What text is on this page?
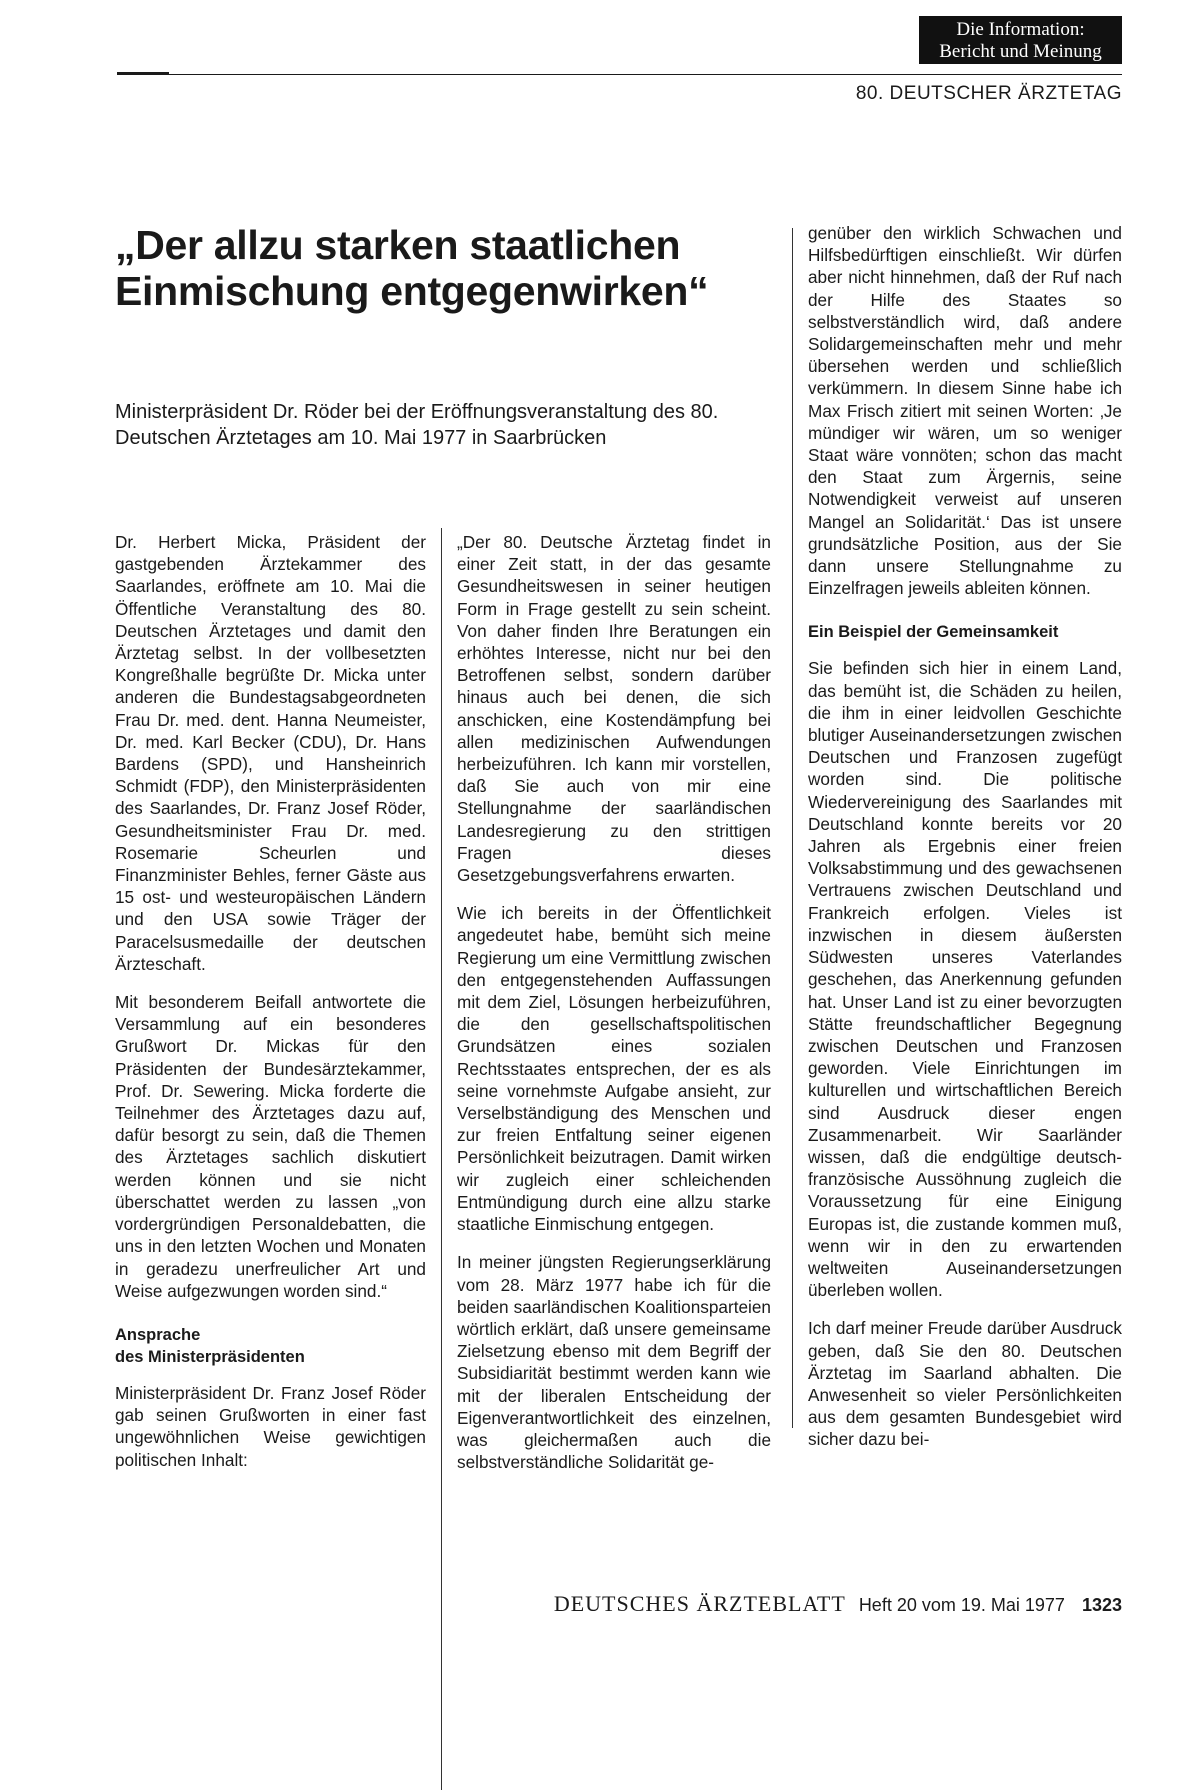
Die Information:
Bericht und Meinung
80. DEUTSCHER ÄRZTETAG
„Der allzu starken staatlichen Einmischung entgegenwirken“
Ministerpräsident Dr. Röder bei der Eröffnungsveranstaltung des 80. Deutschen Ärztetages am 10. Mai 1977 in Saarbrücken

Dr. Herbert Micka, Präsident der gastgebenden Ärztekammer des Saarlandes, eröffnete am 10. Mai die Öffentliche Veranstaltung des 80. Deutschen Ärztetages und damit den Ärztetag selbst. In der vollbesetzten Kongreßhalle begrüßte Dr. Micka unter anderen die Bundestagsabgeordneten Frau Dr. med. dent. Hanna Neumeister, Dr. med. Karl Becker (CDU), Dr. Hans Bardens (SPD), und Hansheinrich Schmidt (FDP), den Ministerpräsidenten des Saarlandes, Dr. Franz Josef Röder, Gesundheitsminister Frau Dr. med. Rosemarie Scheurlen und Finanzminister Behles, ferner Gäste aus 15 ost- und westeuropäischen Ländern und den USA sowie Träger der Paracelsusmedaille der deutschen Ärzteschaft.

Mit besonderem Beifall antwortete die Versammlung auf ein besonderes Grußwort Dr. Mickas für den Präsidenten der Bundesärztekammer, Prof. Dr. Sewering. Micka forderte die Teilnehmer des Ärztetages dazu auf, dafür besorgt zu sein, daß die Themen des Ärztetages sachlich diskutiert werden können und sie nicht überschattet werden zu lassen „von vordergründigen Personaldebatten, die uns in den letzten Wochen und Monaten in geradezu unerfreulicher Art und Weise aufgezwungen worden sind.“

Ansprache
des Ministerpräsidenten

Ministerpräsident Dr. Franz Josef Röder gab seinen Grußworten in einer fast ungewöhnlichen Weise gewichtigen politischen Inhalt:

„Der 80. Deutsche Ärztetag findet in einer Zeit statt, in der das gesamte Gesundheitswesen in seiner heutigen Form in Frage gestellt zu sein scheint. Von daher finden Ihre Beratungen ein erhöhtes Interesse, nicht nur bei den Betroffenen selbst, sondern darüber hinaus auch bei denen, die sich anschicken, eine Kostendämpfung bei allen medizinischen Aufwendungen herbeizuführen. Ich kann mir vorstellen, daß Sie auch von mir eine Stellungnahme der saarländischen Landesregierung zu den strittigen Fragen dieses Gesetzgebungsverfahrens erwarten.

Wie ich bereits in der Öffentlichkeit angedeutet habe, bemüht sich meine Regierung um eine Vermittlung zwischen den entgegenstehenden Auffassungen mit dem Ziel, Lösungen herbeizuführen, die den gesellschaftspolitischen Grundsätzen eines sozialen Rechtsstaates entsprechen, der es als seine vornehmste Aufgabe ansieht, zur Verselbständigung des Menschen und zur freien Entfaltung seiner eigenen Persönlichkeit beizutragen. Damit wirken wir zugleich einer schleichenden Entmündigung durch eine allzu starke staatliche Einmischung entgegen.

In meiner jüngsten Regierungserklärung vom 28. März 1977 habe ich für die beiden saarländischen Koalitionsparteien wörtlich erklärt, daß unsere gemeinsame Zielsetzung ebenso mit dem Begriff der Subsidiarität bestimmt werden kann wie mit der liberalen Entscheidung der Eigenverantwortlichkeit des einzelnen, was gleichermaßen auch die selbstverständliche Solidarität ge-

genüber den wirklich Schwachen und Hilfsbedürftigen einschließt. Wir dürfen aber nicht hinnehmen, daß der Ruf nach der Hilfe des Staates so selbstverständlich wird, daß andere Solidargemeinschaften mehr und mehr übersehen werden und schließlich verkümmern. In diesem Sinne habe ich Max Frisch zitiert mit seinen Worten: ‚Je mündiger wir wären, um so weniger Staat wäre vonnöten; schon das macht den Staat zum Ärgernis, seine Notwendigkeit verweist auf unseren Mangel an Solidarität.‘ Das ist unsere grundsätzliche Position, aus der Sie dann unsere Stellungnahme zu Einzelfragen jeweils ableiten können.

Ein Beispiel der Gemeinsamkeit

Sie befinden sich hier in einem Land, das bemüht ist, die Schäden zu heilen, die ihm in einer leidvollen Geschichte blutiger Auseinandersetzungen zwischen Deutschen und Franzosen zugefügt worden sind. Die politische Wiedervereinigung des Saarlandes mit Deutschland konnte bereits vor 20 Jahren als Ergebnis einer freien Volksabstimmung und des gewachsenen Vertrauens zwischen Deutschland und Frankreich erfolgen. Vieles ist inzwischen in diesem äußersten Südwesten unseres Vaterlandes geschehen, das Anerkennung gefunden hat. Unser Land ist zu einer bevorzugten Stätte freundschaftlicher Begegnung zwischen Deutschen und Franzosen geworden. Viele Einrichtungen im kulturellen und wirtschaftlichen Bereich sind Ausdruck dieser engen Zusammenarbeit. Wir Saarländer wissen, daß die endgültige deutsch-französische Aussöhnung zugleich die Voraussetzung für eine Einigung Europas ist, die zustande kommen muß, wenn wir in den zu erwartenden weltweiten Auseinandersetzungen überleben wollen.

Ich darf meiner Freude darüber Ausdruck geben, daß Sie den 80. Deutschen Ärztetag im Saarland abhalten. Die Anwesenheit so vieler Persönlichkeiten aus dem gesamten Bundesgebiet wird sicher dazu bei-

DEUTSCHES ÄRZTEBLATT Heft 20 vom 19. Mai 1977 1323
